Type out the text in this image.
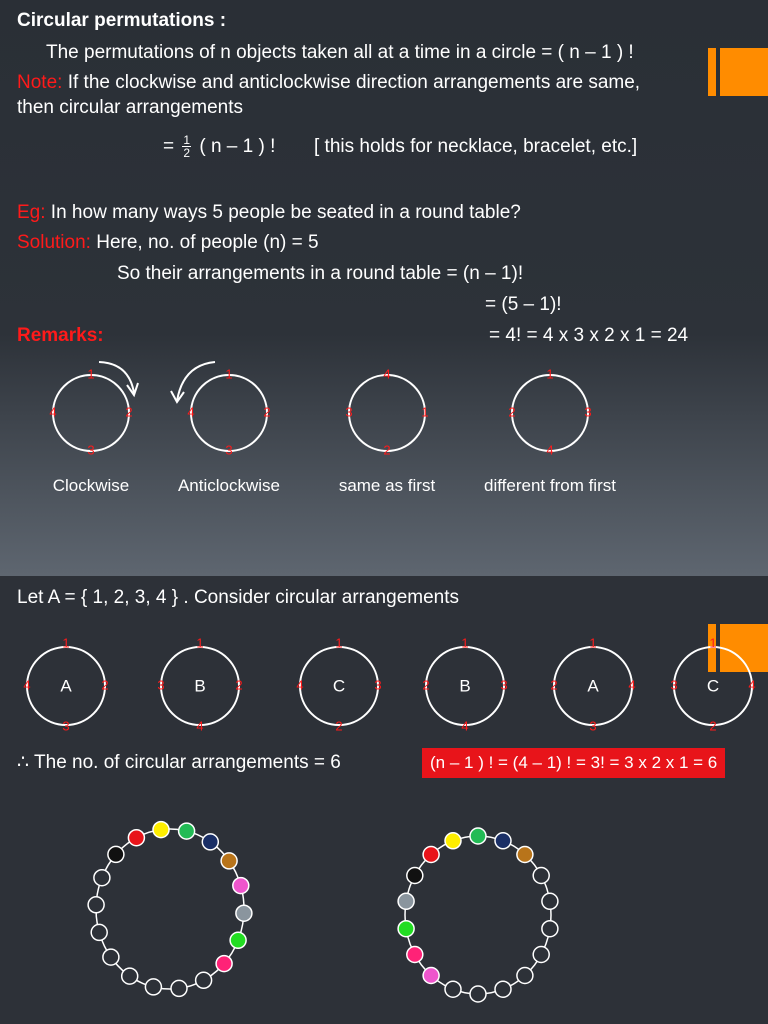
Circular permutations :
The permutations of n objects taken all at a time in a circle = ( n – 1 ) !
Note: If the clockwise and anticlockwise direction arrangements are same,
then circular arrangements
= $\frac{1}{2}$ ( n – 1 ) ! [ this holds for necklace, bracelet, etc.]
Eg: In how many ways 5 people be seated in a round table?
Solution: Here, no. of people (n) = 5
So their arrangements in a round table = (n – 1)!
= (5 – 1)!
Remarks:	= 4! = 4 x 3 x 2 x 1 = 24
1
2
3
4
1
2
3
4
4
1
2
3
1
3
4
2
Clockwise	Anticlockwise	same as first	different from first
Let A = { 1, 2, 3, 4 } . Consider circular arrangements
A
1
2
3
4	B
1
2
4
3	C
1
3
2
4	B
1
3
4
2	A
1
4
3
2	C
1
4
2
3
∴ The no. of circular arrangements = 6	(n – 1 ) ! = (4 – 1) ! = 3! = 3 x 2 x 1 = 6
